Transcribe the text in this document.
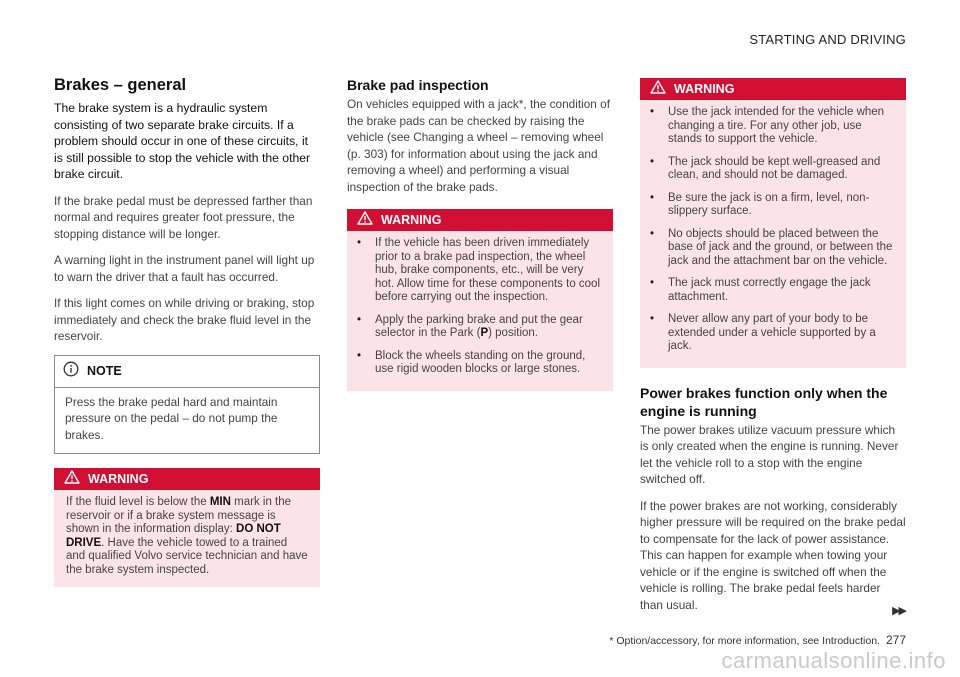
STARTING AND DRIVING
Brakes – general

The brake system is a hydraulic system consisting of two separate brake circuits. If a problem should occur in one of these circuits, it is still possible to stop the vehicle with the other brake circuit.

If the brake pedal must be depressed farther than normal and requires greater foot pressure, the stopping distance will be longer.

A warning light in the instrument panel will light up to warn the driver that a fault has occurred.

If this light comes on while driving or braking, stop immediately and check the brake fluid level in the reservoir.

NOTE
Press the brake pedal hard and maintain pressure on the pedal – do not pump the brakes.
WARNING
If the fluid level is below the MIN mark in the reservoir or if a brake system message is shown in the information display: DO NOT DRIVE. Have the vehicle towed to a trained and qualified Volvo service technician and have the brake system inspected.
Brake pad inspection

On vehicles equipped with a jack*, the condition of the brake pads can be checked by raising the vehicle (see Changing a wheel – removing wheel (p. 303) for information about using the jack and removing a wheel) and performing a visual inspection of the brake pads.

WARNING
• If the vehicle has been driven immediately prior to a brake pad inspection, the wheel hub, brake components, etc., will be very hot. Allow time for these components to cool before carrying out the inspection.
• Apply the parking brake and put the gear selector in the Park (P) position.
• Block the wheels standing on the ground, use rigid wooden blocks or large stones.
WARNING
• Use the jack intended for the vehicle when changing a tire. For any other job, use stands to support the vehicle.
• The jack should be kept well-greased and clean, and should not be damaged.
• Be sure the jack is on a firm, level, non-slippery surface.
• No objects should be placed between the base of jack and the ground, or between the jack and the attachment bar on the vehicle.
• The jack must correctly engage the jack attachment.
• Never allow any part of your body to be extended under a vehicle supported by a jack.
Power brakes function only when the engine is running

The power brakes utilize vacuum pressure which is only created when the engine is running. Never let the vehicle roll to a stop with the engine switched off.

If the power brakes are not working, considerably higher pressure will be required on the brake pedal to compensate for the lack of power assistance. This can happen for example when towing your vehicle or if the engine is switched off when the vehicle is rolling. The brake pedal feels harder than usual.	▶▶
* Option/accessory, for more information, see Introduction. 277
carmanualsonline.info
